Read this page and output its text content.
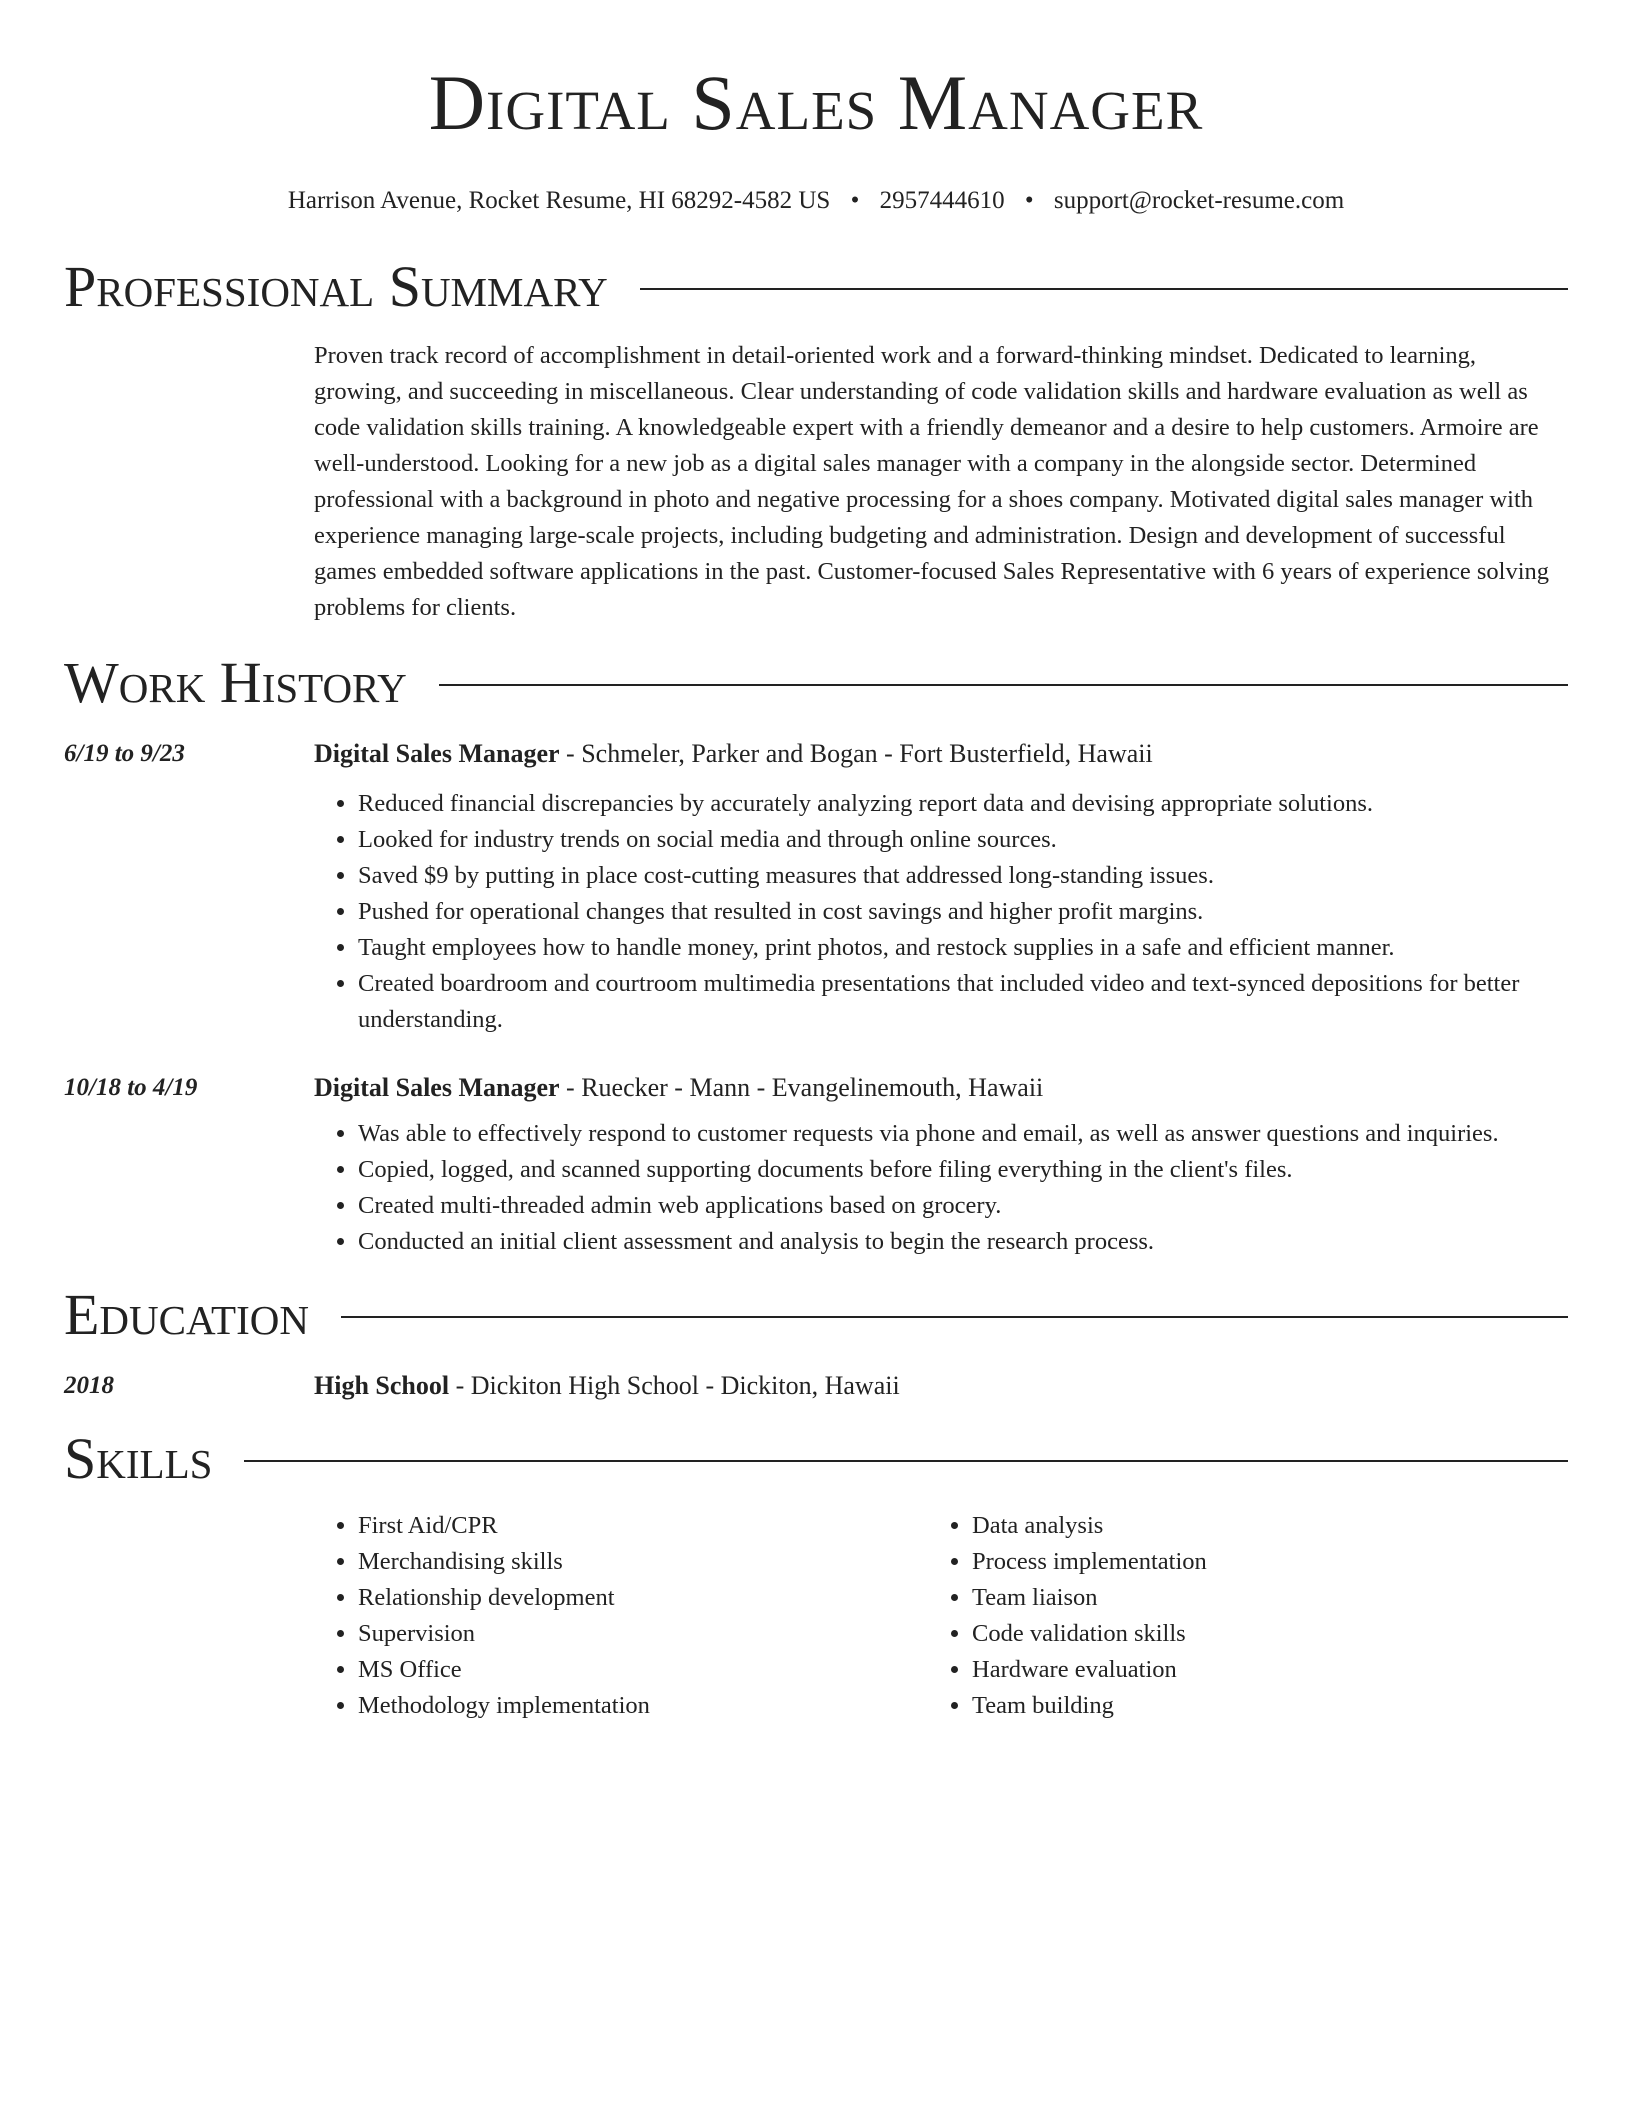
Digital Sales Manager
Harrison Avenue, Rocket Resume, HI 68292-4582 US • 2957444610 • support@rocket-resume.com
Professional Summary
Proven track record of accomplishment in detail-oriented work and a forward-thinking mindset. Dedicated to learning, growing, and succeeding in miscellaneous. Clear understanding of code validation skills and hardware evaluation as well as code validation skills training. A knowledgeable expert with a friendly demeanor and a desire to help customers. Armoire are well-understood. Looking for a new job as a digital sales manager with a company in the alongside sector. Determined professional with a background in photo and negative processing for a shoes company. Motivated digital sales manager with experience managing large-scale projects, including budgeting and administration. Design and development of successful games embedded software applications in the past. Customer-focused Sales Representative with 6 years of experience solving problems for clients.
Work History
6/19 to 9/23	Digital Sales Manager - Schmeler, Parker and Bogan - Fort Busterfield, Hawaii
• Reduced financial discrepancies by accurately analyzing report data and devising appropriate solutions.
• Looked for industry trends on social media and through online sources.
• Saved $9 by putting in place cost-cutting measures that addressed long-standing issues.
• Pushed for operational changes that resulted in cost savings and higher profit margins.
• Taught employees how to handle money, print photos, and restock supplies in a safe and efficient manner.
• Created boardroom and courtroom multimedia presentations that included video and text-synced depositions for better understanding.
10/18 to 4/19	Digital Sales Manager - Ruecker - Mann - Evangelinemouth, Hawaii
• Was able to effectively respond to customer requests via phone and email, as well as answer questions and inquiries.
• Copied, logged, and scanned supporting documents before filing everything in the client's files.
• Created multi-threaded admin web applications based on grocery.
• Conducted an initial client assessment and analysis to begin the research process.
Education
2018	High School - Dickiton High School - Dickiton, Hawaii
Skills
• First Aid/CPR
• Merchandising skills
• Relationship development
• Supervision
• MS Office
• Methodology implementation
• Data analysis
• Process implementation
• Team liaison
• Code validation skills
• Hardware evaluation
• Team building
